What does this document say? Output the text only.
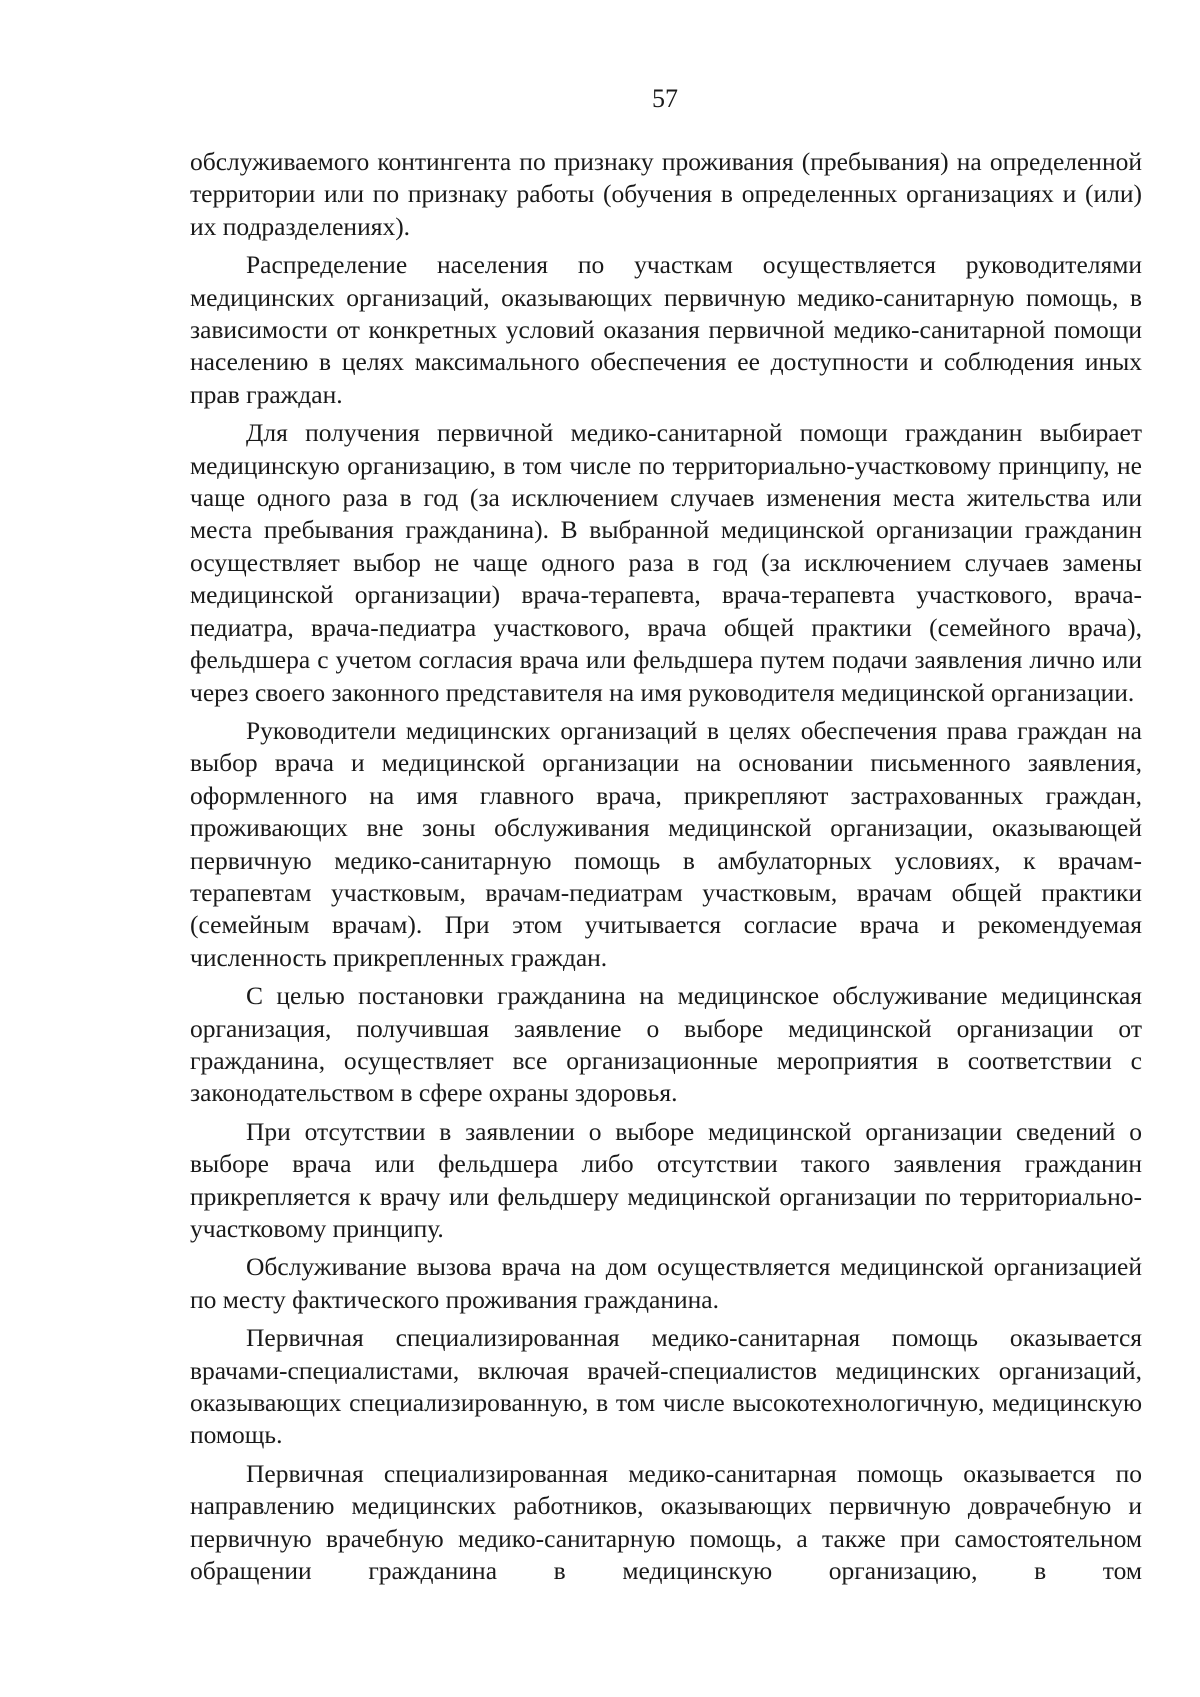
57

обслуживаемого контингента по признаку проживания (пребывания) на определенной территории или по признаку работы (обучения в определенных организациях и (или) их подразделениях).

Распределение населения по участкам осуществляется руководителями медицинских организаций, оказывающих первичную медико-санитарную помощь, в зависимости от конкретных условий оказания первичной медико-санитарной помощи населению в целях максимального обеспечения ее доступности и соблюдения иных прав граждан.

Для получения первичной медико-санитарной помощи гражданин выбирает медицинскую организацию, в том числе по территориально-участковому принципу, не чаще одного раза в год (за исключением случаев изменения места жительства или места пребывания гражданина). В выбранной медицинской организации гражданин осуществляет выбор не чаще одного раза в год (за исключением случаев замены медицинской организации) врача-терапевта, врача-терапевта участкового, врача-педиатра, врача-педиатра участкового, врача общей практики (семейного врача), фельдшера с учетом согласия врача или фельдшера путем подачи заявления лично или через своего законного представителя на имя руководителя медицинской организации.

Руководители медицинских организаций в целях обеспечения права граждан на выбор врача и медицинской организации на основании письменного заявления, оформленного на имя главного врача, прикрепляют застрахованных граждан, проживающих вне зоны обслуживания медицинской организации, оказывающей первичную медико-санитарную помощь в амбулаторных условиях, к врачам-терапевтам участковым, врачам-педиатрам участковым, врачам общей практики (семейным врачам). При этом учитывается согласие врача и рекомендуемая численность прикрепленных граждан.

С целью постановки гражданина на медицинское обслуживание медицинская организация, получившая заявление о выборе медицинской организации от гражданина, осуществляет все организационные мероприятия в соответствии с законодательством в сфере охраны здоровья.

При отсутствии в заявлении о выборе медицинской организации сведений о выборе врача или фельдшера либо отсутствии такого заявления гражданин прикрепляется к врачу или фельдшеру медицинской организации по территориально-участковому принципу.

Обслуживание вызова врача на дом осуществляется медицинской организацией по месту фактического проживания гражданина.

Первичная специализированная медико-санитарная помощь оказывается врачами-специалистами, включая врачей-специалистов медицинских организаций, оказывающих специализированную, в том числе высокотехнологичную, медицинскую помощь.

Первичная специализированная медико-санитарная помощь оказывается по направлению медицинских работников, оказывающих первичную доврачебную и первичную врачебную медико-санитарную помощь, а также при самостоятельном обращении гражданина в медицинскую организацию, в том
